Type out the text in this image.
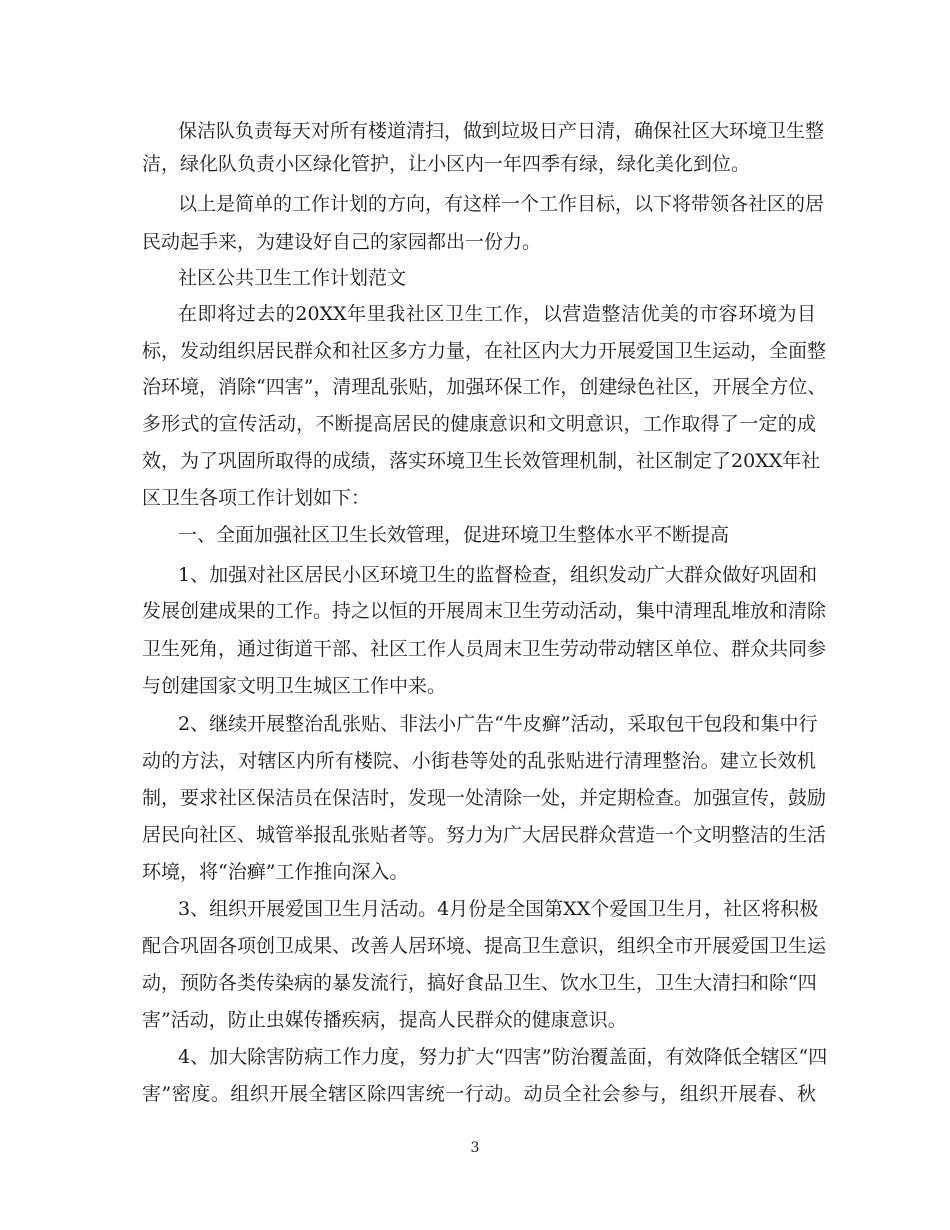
保洁队负责每天对所有楼道清扫，做到垃圾日产日清，确保社区大环境卫生整
洁，绿化队负责小区绿化管护，让小区内一年四季有绿，绿化美化到位。
以上是简单的工作计划的方向，有这样一个工作目标，以下将带领各社区的居
民动起手来，为建设好自己的家园都出一份力。
社区公共卫生工作计划范文
在即将过去的20XX年里我社区卫生工作，以营造整洁优美的市容环境为目
标，发动组织居民群众和社区多方力量，在社区内大力开展爱国卫生运动，全面整
治环境，消除“四害”，清理乱张贴，加强环保工作，创建绿色社区，开展全方位、
多形式的宣传活动，不断提高居民的健康意识和文明意识，工作取得了一定的成
效，为了巩固所取得的成绩，落实环境卫生长效管理机制，社区制定了20XX年社
区卫生各项工作计划如下：
一、全面加强社区卫生长效管理，促进环境卫生整体水平不断提高
1、加强对社区居民小区环境卫生的监督检查，组织发动广大群众做好巩固和
发展创建成果的工作。持之以恒的开展周末卫生劳动活动，集中清理乱堆放和清除
卫生死角，通过街道干部、社区工作人员周末卫生劳动带动辖区单位、群众共同参
与创建国家文明卫生城区工作中来。
2、继续开展整治乱张贴、非法小广告“牛皮癣”活动，采取包干包段和集中行
动的方法，对辖区内所有楼院、小街巷等处的乱张贴进行清理整治。建立长效机
制，要求社区保洁员在保洁时，发现一处清除一处，并定期检查。加强宣传，鼓励
居民向社区、城管举报乱张贴者等。努力为广大居民群众营造一个文明整洁的生活
环境，将“治癣”工作推向深入。
3、组织开展爱国卫生月活动。4月份是全国第XX个爱国卫生月，社区将积极
配合巩固各项创卫成果、改善人居环境、提高卫生意识，组织全市开展爱国卫生运
动，预防各类传染病的暴发流行，搞好食品卫生、饮水卫生，卫生大清扫和除“四
害”活动，防止虫媒传播疾病，提高人民群众的健康意识。
4、加大除害防病工作力度，努力扩大“四害”防治覆盖面，有效降低全辖区“四
害”密度。组织开展全辖区除四害统一行动。动员全社会参与，组织开展春、秋
3
